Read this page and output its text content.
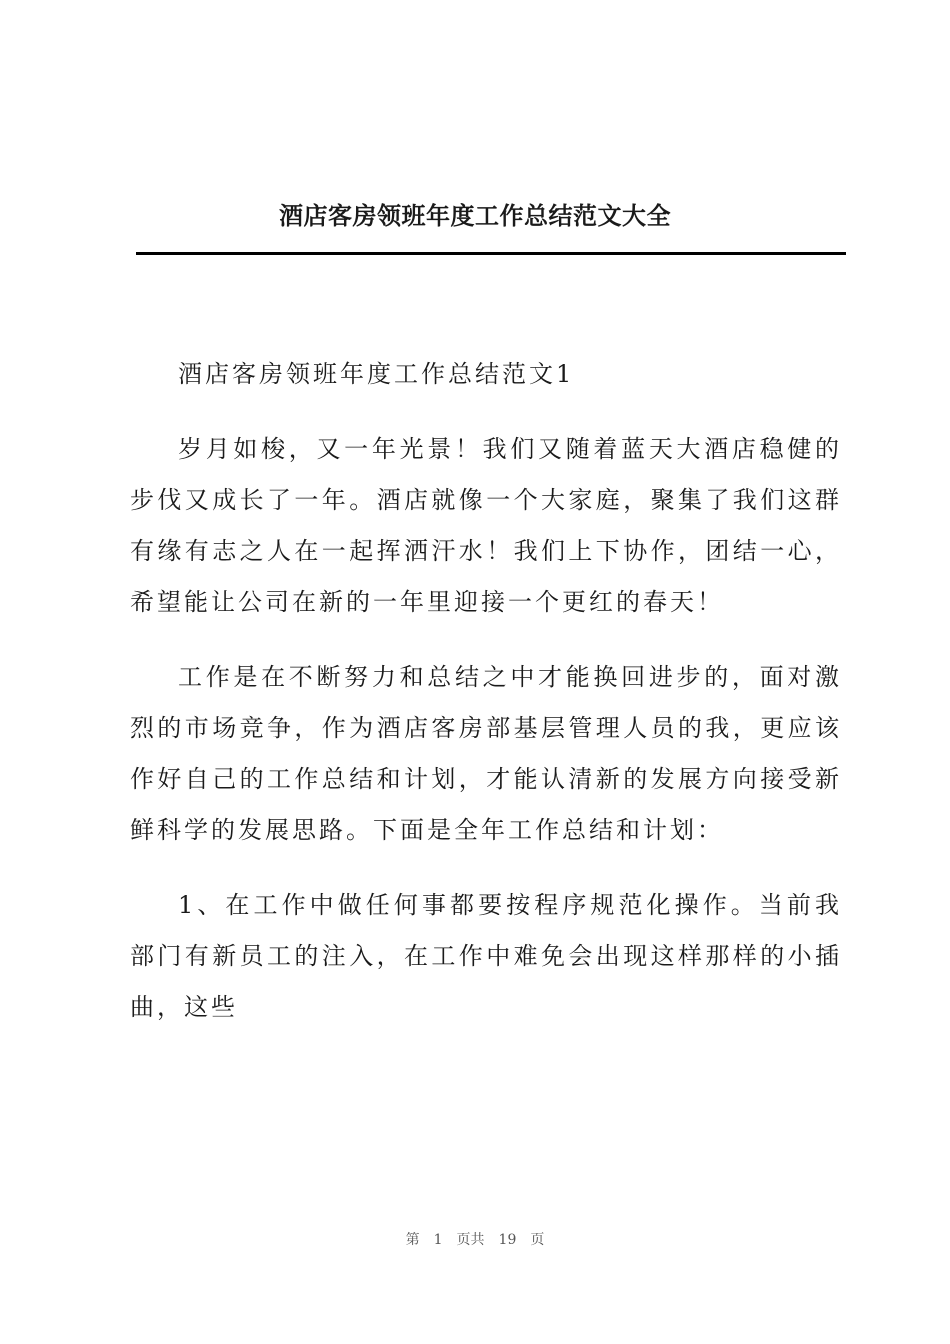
酒店客房领班年度工作总结范文大全

酒店客房领班年度工作总结范文1

岁月如梭，又一年光景！我们又随着蓝天大酒店稳健的步伐又成长了一年。酒店就像一个大家庭，聚集了我们这群有缘有志之人在一起挥洒汗水！我们上下协作，团结一心，希望能让公司在新的一年里迎接一个更红的春天！

工作是在不断努力和总结之中才能换回进步的，面对激烈的市场竞争，作为酒店客房部基层管理人员的我，更应该作好自己的工作总结和计划，才能认清新的发展方向接受新鲜科学的发展思路。下面是全年工作总结和计划：

1、在工作中做任何事都要按程序规范化操作。当前我部门有新员工的注入，在工作中难免会出现这样那样的小插曲，这些

第 1 页共 19 页
